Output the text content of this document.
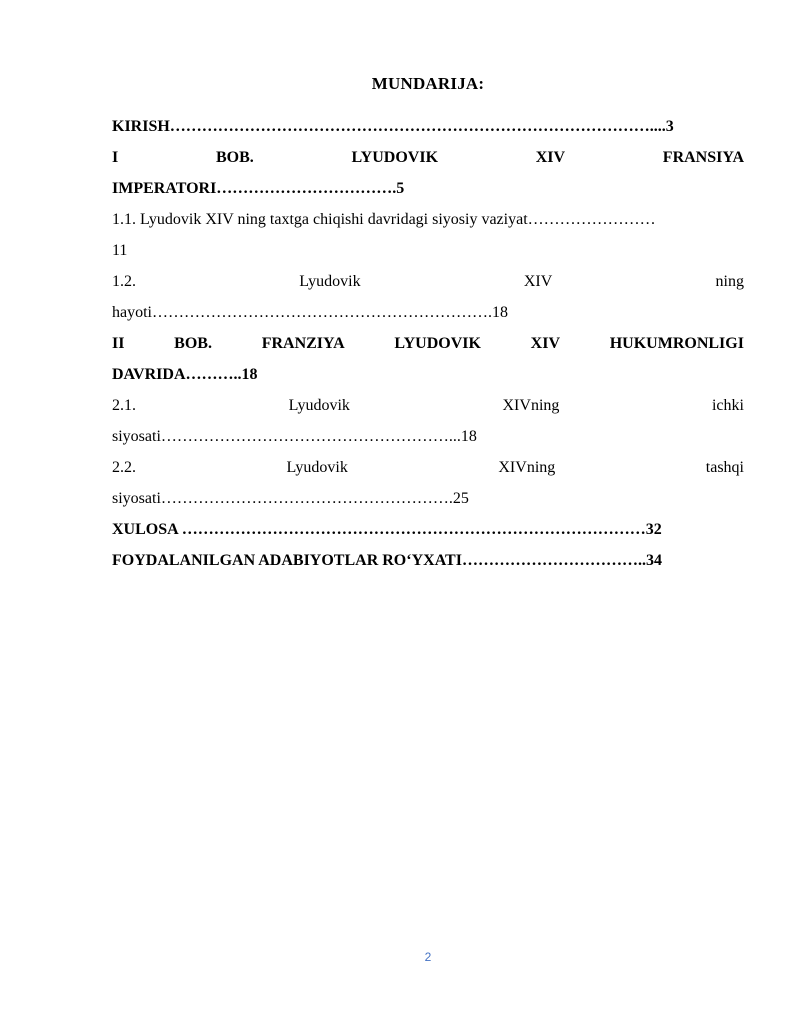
MUNDARIJA:
KIRISH………………………………………………………………………………....3
I	BOB.	LYUDOVIK	XIV	FRANSIYA
IMPERATORI…………………………….5
1.1. Lyudovik XIV ning taxtga chiqishi davridagi siyosiy vaziyat……………………
11
1.2.	Lyudovik	XIV	ning
hayoti……………………………………………………….18
II	BOB.	FRANZIYA	LYUDOVIK	XIV	HUKUMRONLIGI
DAVRIDA………..18
2.1.	Lyudovik	XIVning	ichki
siyosati………………………………………………...18
2.2.	Lyudovik	XIVning	tashqi
siyosati……………………………………………….25
XULOSA ……………………………………………………………………………32
FOYDALANILGAN ADABIYOTLAR RO‘YXATI……………………………..34
2
